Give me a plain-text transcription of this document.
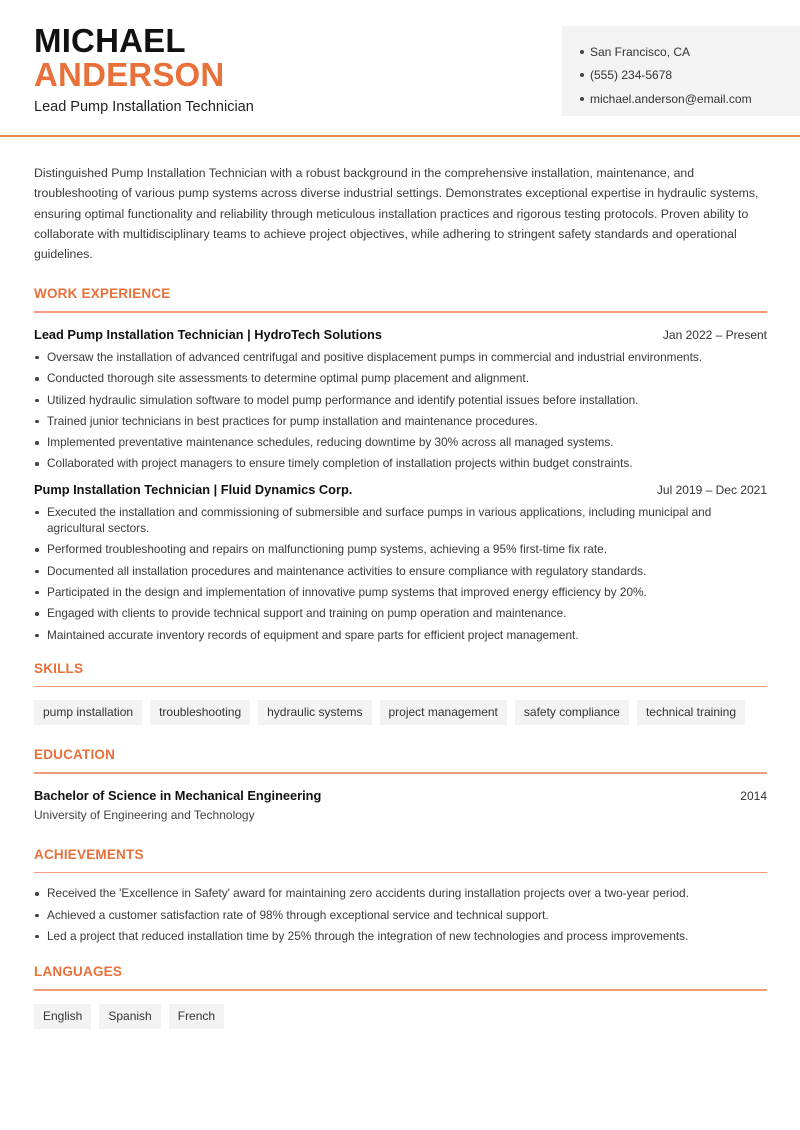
MICHAEL
ANDERSON
Lead Pump Installation Technician
San Francisco, CA
(555) 234-5678
michael.anderson@email.com

Distinguished Pump Installation Technician with a robust background in the comprehensive installation, maintenance, and troubleshooting of various pump systems across diverse industrial settings. Demonstrates exceptional expertise in hydraulic systems, ensuring optimal functionality and reliability through meticulous installation practices and rigorous testing protocols. Proven ability to collaborate with multidisciplinary teams to achieve project objectives, while adhering to stringent safety standards and operational guidelines.

WORK EXPERIENCE
Lead Pump Installation Technician | HydroTech Solutions	Jan 2022 – Present
Oversaw the installation of advanced centrifugal and positive displacement pumps in commercial and industrial environments.
Conducted thorough site assessments to determine optimal pump placement and alignment.
Utilized hydraulic simulation software to model pump performance and identify potential issues before installation.
Trained junior technicians in best practices for pump installation and maintenance procedures.
Implemented preventative maintenance schedules, reducing downtime by 30% across all managed systems.
Collaborated with project managers to ensure timely completion of installation projects within budget constraints.
Pump Installation Technician | Fluid Dynamics Corp.	Jul 2019 – Dec 2021
Executed the installation and commissioning of submersible and surface pumps in various applications, including municipal and agricultural sectors.
Performed troubleshooting and repairs on malfunctioning pump systems, achieving a 95% first-time fix rate.
Documented all installation procedures and maintenance activities to ensure compliance with regulatory standards.
Participated in the design and implementation of innovative pump systems that improved energy efficiency by 20%.
Engaged with clients to provide technical support and training on pump operation and maintenance.
Maintained accurate inventory records of equipment and spare parts for efficient project management.
SKILLS
pump installation	troubleshooting	hydraulic systems	project management	safety compliance	technical training
EDUCATION
Bachelor of Science in Mechanical Engineering	2014
University of Engineering and Technology
ACHIEVEMENTS
Received the 'Excellence in Safety' award for maintaining zero accidents during installation projects over a two-year period.
Achieved a customer satisfaction rate of 98% through exceptional service and technical support.
Led a project that reduced installation time by 25% through the integration of new technologies and process improvements.
LANGUAGES
English	Spanish	French
